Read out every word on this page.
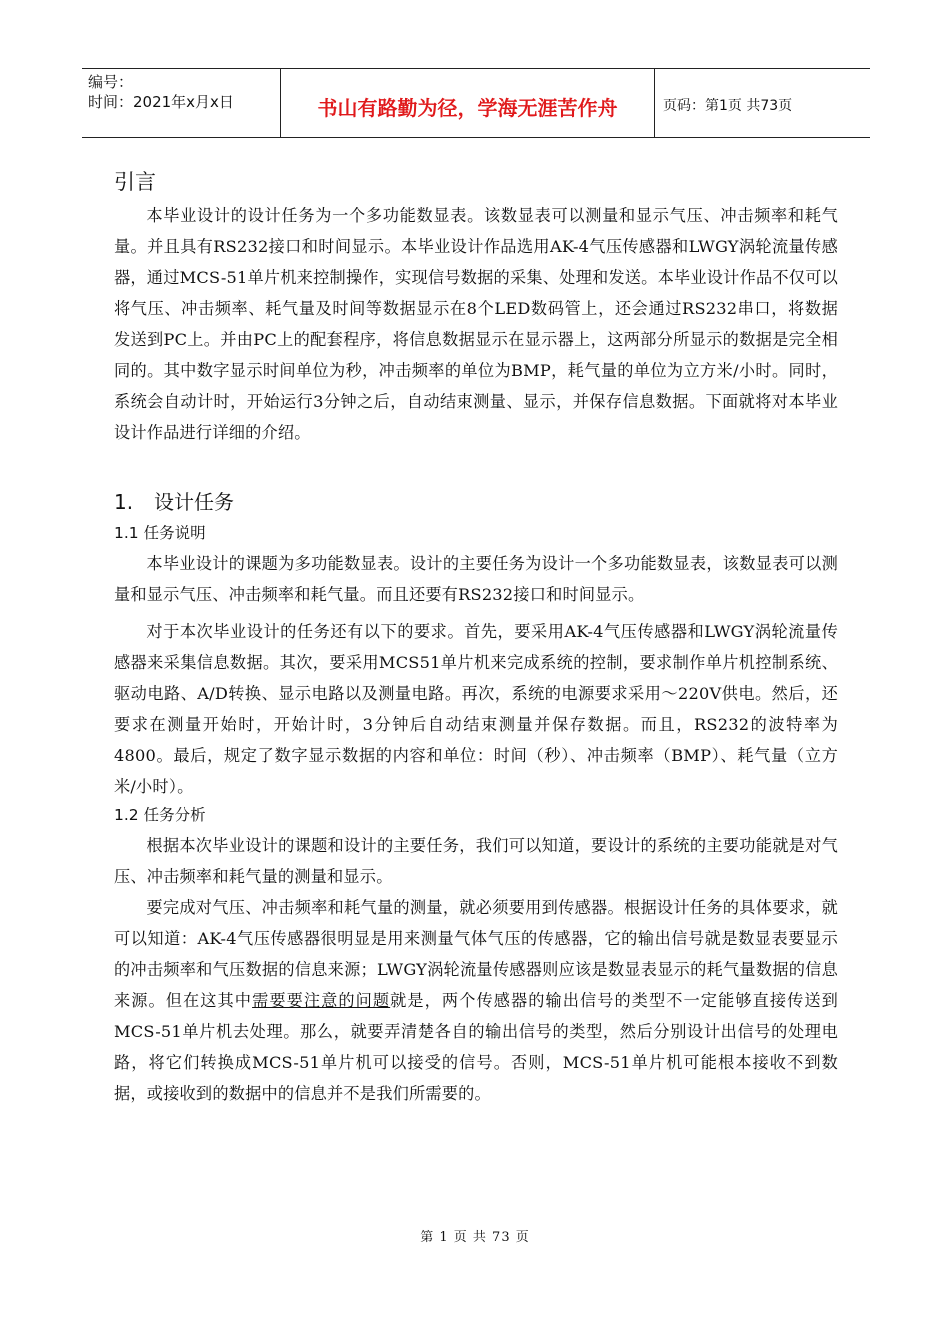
编号：
时间：2021年x月x日	书山有路勤为径，学海无涯苦作舟	页码：第1页 共73页
引言

本毕业设计的设计任务为一个多功能数显表。该数显表可以测量和显示气压、冲击频率和耗气量。并且具有RS232接口和时间显示。本毕业设计作品选用AK-4气压传感器和LWGY涡轮流量传感器，通过MCS-51单片机来控制操作，实现信号数据的采集、处理和发送。本毕业设计作品不仅可以将气压、冲击频率、耗气量及时间等数据显示在8个LED数码管上，还会通过RS232串口，将数据发送到PC上。并由PC上的配套程序，将信息数据显示在显示器上，这两部分所显示的数据是完全相同的。其中数字显示时间单位为秒，冲击频率的单位为BMP，耗气量的单位为立方米/小时。同时，系统会自动计时，开始运行3分钟之后，自动结束测量、显示，并保存信息数据。下面就将对本毕业设计作品进行详细的介绍。

1. 设计任务
1.1 任务说明

本毕业设计的课题为多功能数显表。设计的主要任务为设计一个多功能数显表，该数显表可以测量和显示气压、冲击频率和耗气量。而且还要有RS232接口和时间显示。

对于本次毕业设计的任务还有以下的要求。首先，要采用AK-4气压传感器和LWGY涡轮流量传感器来采集信息数据。其次，要采用MCS51单片机来完成系统的控制，要求制作单片机控制系统、驱动电路、A/D转换、显示电路以及测量电路。再次，系统的电源要求采用～220V供电。然后，还要求在测量开始时，开始计时，3分钟后自动结束测量并保存数据。而且，RS232的波特率为4800。最后，规定了数字显示数据的内容和单位：时间（秒）、冲击频率（BMP）、耗气量（立方米/小时）。

1.2 任务分析

根据本次毕业设计的课题和设计的主要任务，我们可以知道，要设计的系统的主要功能就是对气压、冲击频率和耗气量的测量和显示。

要完成对气压、冲击频率和耗气量的测量，就必须要用到传感器。根据设计任务的具体要求，就可以知道：AK-4气压传感器很明显是用来测量气体气压的传感器，它的输出信号就是数显表要显示的冲击频率和气压数据的信息来源；LWGY涡轮流量传感器则应该是数显表显示的耗气量数据的信息来源。但在这其中需要要注意的问题就是，两个传感器的输出信号的类型不一定能够直接传送到MCS-51单片机去处理。那么，就要弄清楚各自的输出信号的类型，然后分别设计出信号的处理电路，将它们转换成MCS-51单片机可以接受的信号。否则，MCS-51单片机可能根本接收不到数据，或接收到的数据中的信息并不是我们所需要的。

第 1 页 共 73 页
